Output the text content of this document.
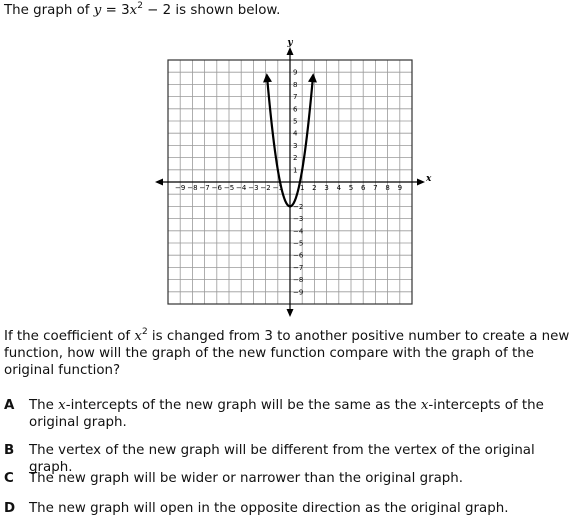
The graph of $y = 3x^2 - 2$ is shown below.
−9 −8 −7 −6 −5 −4 −3 −2 −1 1 2 3 4 5 6 7 8 9
9
8
7
6
5
4
3
2
1
−2
−3
−4
−5
−6
−7
−8
−9
x
y
If the coefficient of $x^2$ is changed from 3 to another positive number to create a new function, how will the graph of the new function compare with the graph of the original function?
A	The x-intercepts of the new graph will be the same as the x-intercepts of the original graph.
B	The vertex of the new graph will be different from the vertex of the original graph.
C	The new graph will be wider or narrower than the original graph.
D	The new graph will open in the opposite direction as the original graph.
